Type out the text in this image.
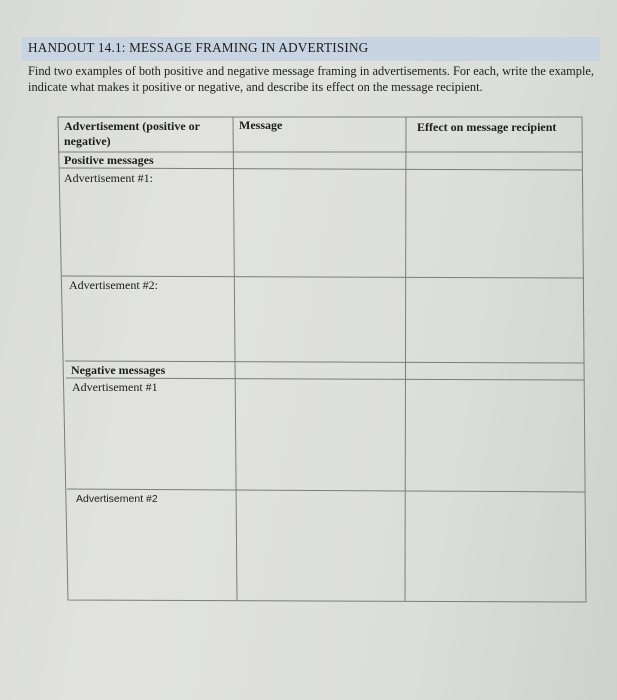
HANDOUT 14.1: MESSAGE FRAMING IN ADVERTISING
Find two examples of both positive and negative message framing in advertisements. For each, write the example, indicate what makes it positive or negative, and describe its effect on the message recipient.
Advertisement (positive or negative)
Message	Effect on message recipient
Positive messages
Advertisement #1:
Advertisement #2:
Negative messages
Advertisement #1
Advertisement #2
